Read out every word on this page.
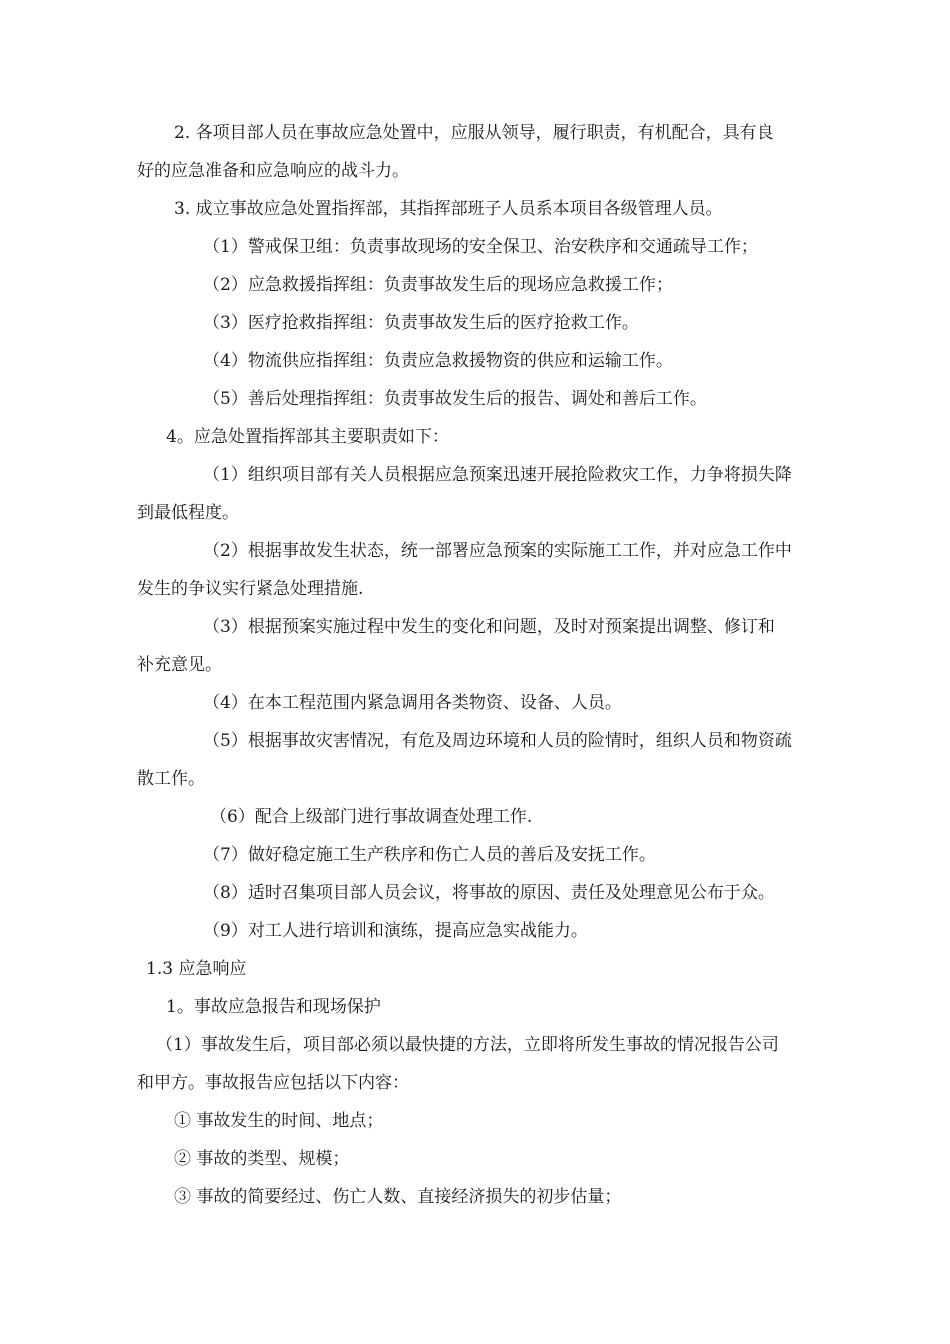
2. 各项目部人员在事故应急处置中，应服从领导，履行职责，有机配合，具有良

好的应急准备和应急响应的战斗力。

3. 成立事故应急处置指挥部，其指挥部班子人员系本项目各级管理人员。

（1）警戒保卫组：负责事故现场的安全保卫、治安秩序和交通疏导工作；

（2）应急救援指挥组：负责事故发生后的现场应急救援工作；

（3）医疗抢救指挥组：负责事故发生后的医疗抢救工作。

（4）物流供应指挥组：负责应急救援物资的供应和运输工作。

（5）善后处理指挥组：负责事故发生后的报告、调处和善后工作。

4。应急处置指挥部其主要职责如下：

（1）组织项目部有关人员根据应急预案迅速开展抢险救灾工作，力争将损失降

到最低程度。

（2）根据事故发生状态，统一部署应急预案的实际施工工作，并对应急工作中

发生的争议实行紧急处理措施.

（3）根据预案实施过程中发生的变化和问题，及时对预案提出调整、修订和

补充意见。

（4）在本工程范围内紧急调用各类物资、设备、人员。

（5）根据事故灾害情况，有危及周边环境和人员的险情时，组织人员和物资疏

散工作。

（6）配合上级部门进行事故调查处理工作.

（7）做好稳定施工生产秩序和伤亡人员的善后及安抚工作。

（8）适时召集项目部人员会议，将事故的原因、责任及处理意见公布于众。

（9）对工人进行培训和演练，提高应急实战能力。

1.3 应急响应

1。事故应急报告和现场保护

（1）事故发生后，项目部必须以最快捷的方法，立即将所发生事故的情况报告公司

和甲方。事故报告应包括以下内容：

① 事故发生的时间、地点；

② 事故的类型、规模；

③ 事故的简要经过、伤亡人数、直接经济损失的初步估量；
